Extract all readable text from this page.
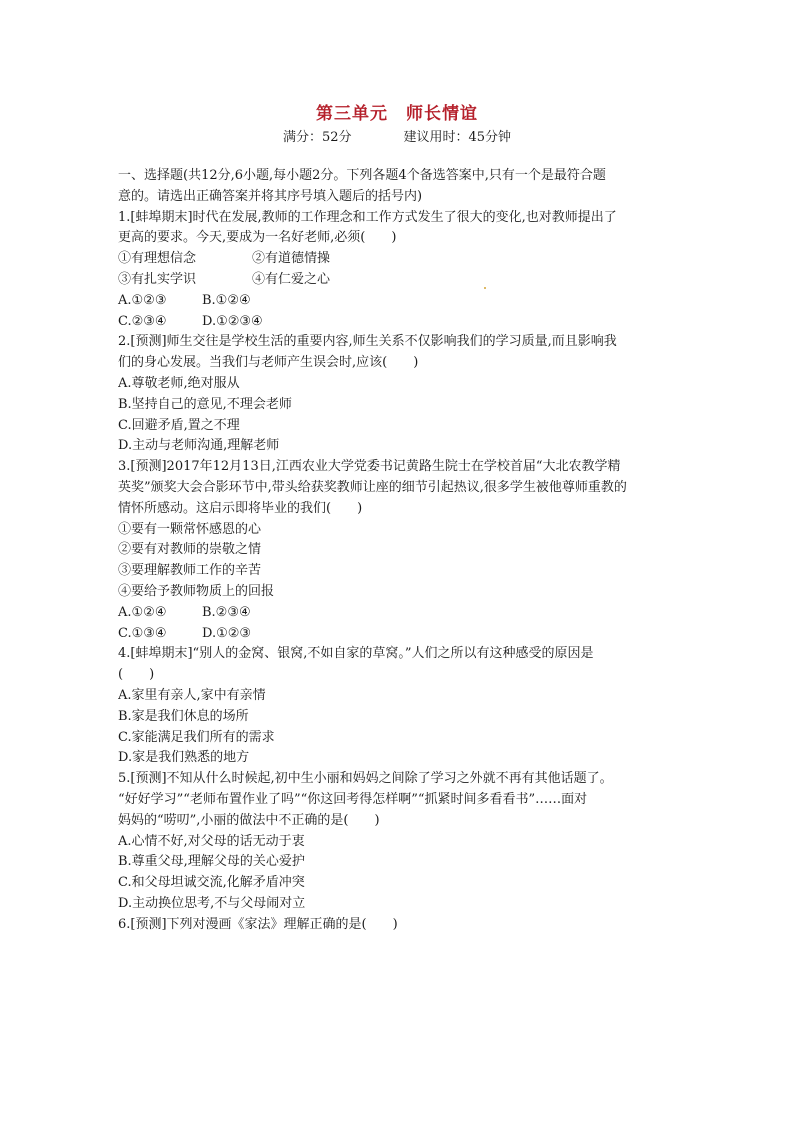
第三单元　师长情谊
满分：52分　　　　建议用时：45分钟
一、选择题(共12分,6小题,每小题2分。下列各题4个备选答案中,只有一个是最符合题
意的。请选出正确答案并将其序号填入题后的括号内)
1.[蚌埠期末]时代在发展,教师的工作理念和工作方式发生了很大的变化,也对教师提出了
更高的要求。今天,要成为一名好老师,必须(　　)
①有理想信念	②有道德情操
③有扎实学识	④有仁爱之心
A.①②③	B.①②④
C.②③④	D.①②③④
2.[预测]师生交往是学校生活的重要内容,师生关系不仅影响我们的学习质量,而且影响我
们的身心发展。当我们与老师产生误会时,应该(　　)
A.尊敬老师,绝对服从
B.坚持自己的意见,不理会老师
C.回避矛盾,置之不理
D.主动与老师沟通,理解老师
3.[预测]2017年12月13日,江西农业大学党委书记黄路生院士在学校首届“大北农教学精
英奖”颁奖大会合影环节中,带头给获奖教师让座的细节引起热议,很多学生被他尊师重教的
情怀所感动。这启示即将毕业的我们(　　)
①要有一颗常怀感恩的心
②要有对教师的崇敬之情
③要理解教师工作的辛苦
④要给予教师物质上的回报
A.①②④	B.②③④
C.①③④	D.①②③
4.[蚌埠期末]“别人的金窝、银窝,不如自家的草窝。”人们之所以有这种感受的原因是
(　　)
A.家里有亲人,家中有亲情
B.家是我们休息的场所
C.家能满足我们所有的需求
D.家是我们熟悉的地方
5.[预测]不知从什么时候起,初中生小丽和妈妈之间除了学习之外就不再有其他话题了。
“好好学习”“老师布置作业了吗”“你这回考得怎样啊”“抓紧时间多看看书”……面对
妈妈的“唠叨”,小丽的做法中不正确的是(　　)
A.心情不好,对父母的话无动于衷
B.尊重父母,理解父母的关心爱护
C.和父母坦诚交流,化解矛盾冲突
D.主动换位思考,不与父母闹对立
6.[预测]下列对漫画《家法》理解正确的是(　　)
